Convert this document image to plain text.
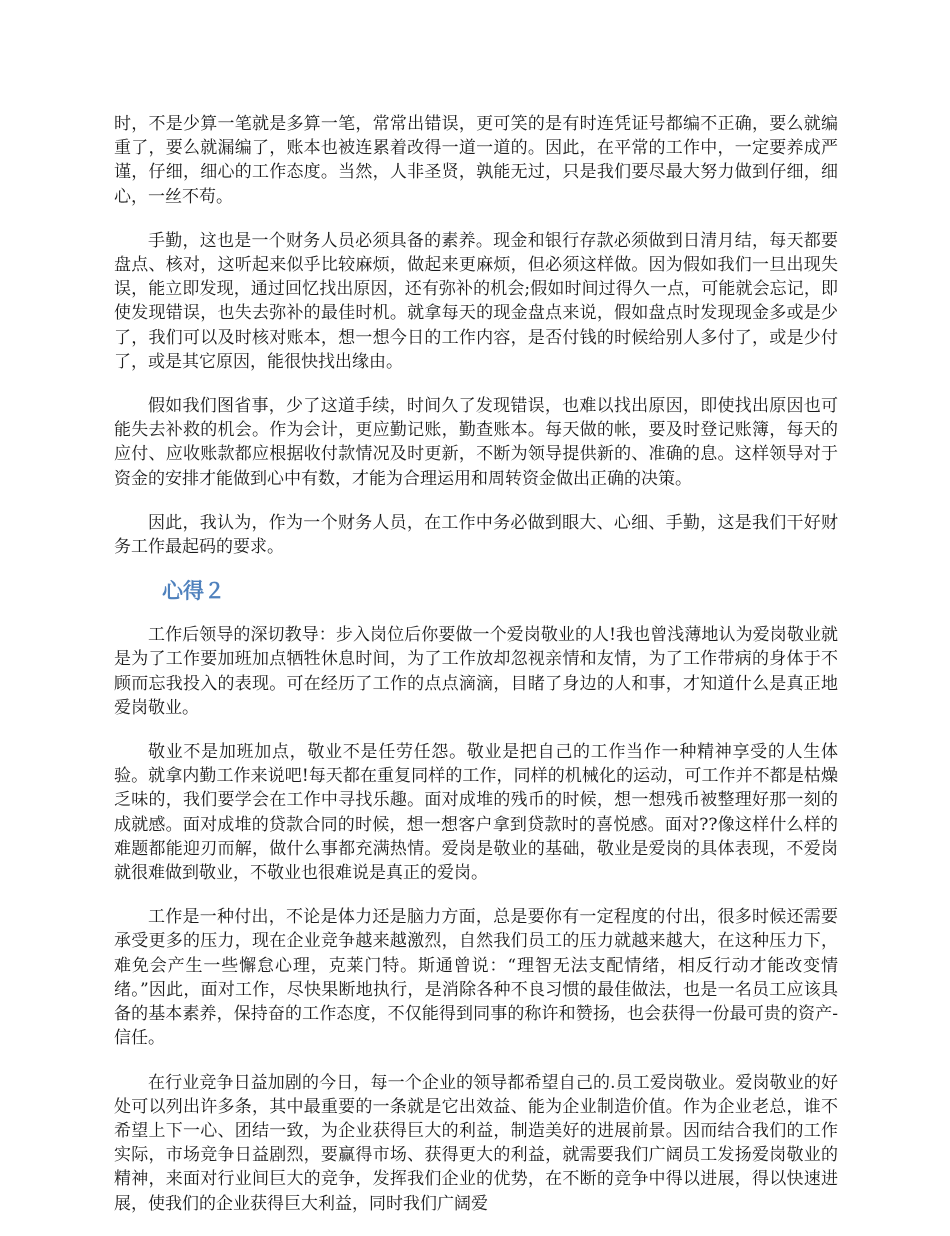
时，不是少算一笔就是多算一笔，常常出错误，更可笑的是有时连凭证号都编不正确，要么就编重了，要么就漏编了，账本也被连累着改得一道一道的。因此，在平常的工作中，一定要养成严谨，仔细，细心的工作态度。当然，人非圣贤，孰能无过，只是我们要尽最大努力做到仔细，细心，一丝不苟。

手勤，这也是一个财务人员必须具备的素养。现金和银行存款必须做到日清月结，每天都要盘点、核对，这听起来似乎比较麻烦，做起来更麻烦，但必须这样做。因为假如我们一旦出现失误，能立即发现，通过回忆找出原因，还有弥补的机会;假如时间过得久一点，可能就会忘记，即使发现错误，也失去弥补的最佳时机。就拿每天的现金盘点来说，假如盘点时发现现金多或是少了，我们可以及时核对账本，想一想今日的工作内容，是否付钱的时候给别人多付了，或是少付了，或是其它原因，能很快找出缘由。

假如我们图省事，少了这道手续，时间久了发现错误，也难以找出原因，即使找出原因也可能失去补救的机会。作为会计，更应勤记账，勤查账本。每天做的帐，要及时登记账簿，每天的应付、应收账款都应根据收付款情况及时更新，不断为领导提供新的、准确的息。这样领导对于资金的安排才能做到心中有数，才能为合理运用和周转资金做出正确的决策。

因此，我认为，作为一个财务人员，在工作中务必做到眼大、心细、手勤，这是我们干好财务工作最起码的要求。

心得２

工作后领导的深切教导：步入岗位后你要做一个爱岗敬业的人!我也曾浅薄地认为爱岗敬业就是为了工作要加班加点牺牲休息时间，为了工作放却忽视亲情和友情，为了工作带病的身体于不顾而忘我投入的表现。可在经历了工作的点点滴滴，目睹了身边的人和事，才知道什么是真正地爱岗敬业。

敬业不是加班加点，敬业不是任劳任怨。敬业是把自己的工作当作一种精神享受的人生体验。就拿内勤工作来说吧!每天都在重复同样的工作，同样的机械化的运动，可工作并不都是枯燥乏味的，我们要学会在工作中寻找乐趣。面对成堆的残币的时候，想一想残币被整理好那一刻的成就感。面对成堆的贷款合同的时候，想一想客户拿到贷款时的喜悦感。面对??像这样什么样的难题都能迎刃而解，做什么事都充满热情。爱岗是敬业的基础，敬业是爱岗的具体表现，不爱岗就很难做到敬业，不敬业也很难说是真正的爱岗。

工作是一种付出，不论是体力还是脑力方面，总是要你有一定程度的付出，很多时候还需要承受更多的压力，现在企业竞争越来越激烈，自然我们员工的压力就越来越大，在这种压力下，难免会产生一些懈怠心理，克莱门特。斯通曾说：“理智无法支配情绪，相反行动才能改变情绪。”因此，面对工作，尽快果断地执行，是消除各种不良习惯的最佳做法，也是一名员工应该具备的基本素养，保持奋的工作态度，不仅能得到同事的称许和赞扬，也会获得一份最可贵的资产-信任。

在行业竞争日益加剧的今日，每一个企业的领导都希望自己的.员工爱岗敬业。爱岗敬业的好处可以列出许多条，其中最重要的一条就是它出效益、能为企业制造价值。作为企业老总，谁不希望上下一心、团结一致，为企业获得巨大的利益，制造美好的进展前景。因而结合我们的工作实际，市场竞争日益剧烈，要赢得市场、获得更大的利益，就需要我们广阔员工发扬爱岗敬业的精神，来面对行业间巨大的竞争，发挥我们企业的优势，在不断的竞争中得以进展，得以快速进展，使我们的企业获得巨大利益，同时我们广阔爱
